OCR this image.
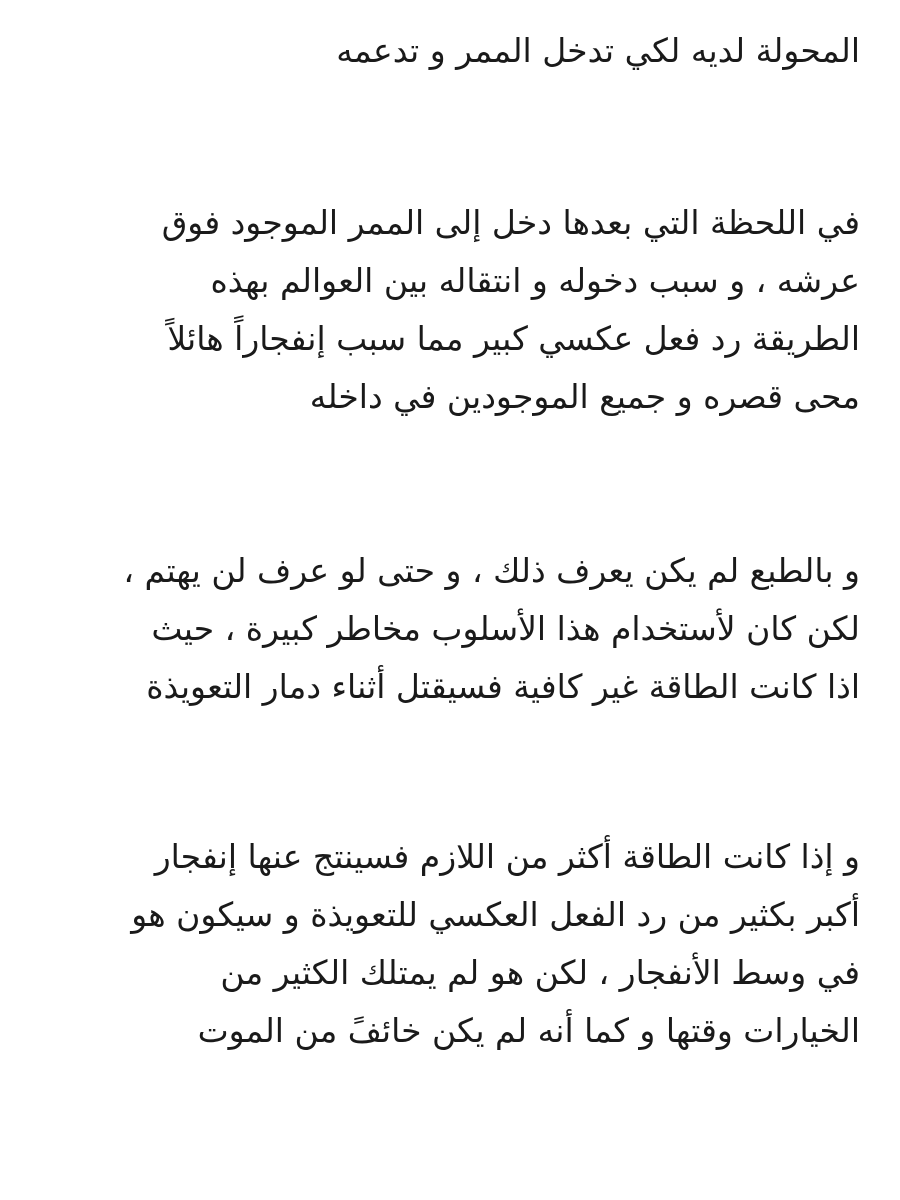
المحولة لديه لكي تدخل الممر و تدعمه

في اللحظة التي بعدها دخل إلى الممر الموجود فوق
عرشه ، و سبب دخوله و انتقاله بين العوالم بهذه
الطريقة رد فعل عكسي كبير مما سبب إنفجاراً هائلاً
محى قصره و جميع الموجودين في داخله

و بالطبع لم يكن يعرف ذلك ، و حتى لو عرف لن يهتم ،
لكن كان لأستخدام هذا الأسلوب مخاطر كبيرة ، حيث
اذا كانت الطاقة غير كافية فسيقتل أثناء دمار التعويذة

و إذا كانت الطاقة أكثر من اللازم فسينتج عنها إنفجار
أكبر بكثير من رد الفعل العكسي للتعويذة و سيكون هو
في وسط الأنفجار ، لكن هو لم يمتلك الكثير من
الخيارات وقتها و كما أنه لم يكن خائفً من الموت
